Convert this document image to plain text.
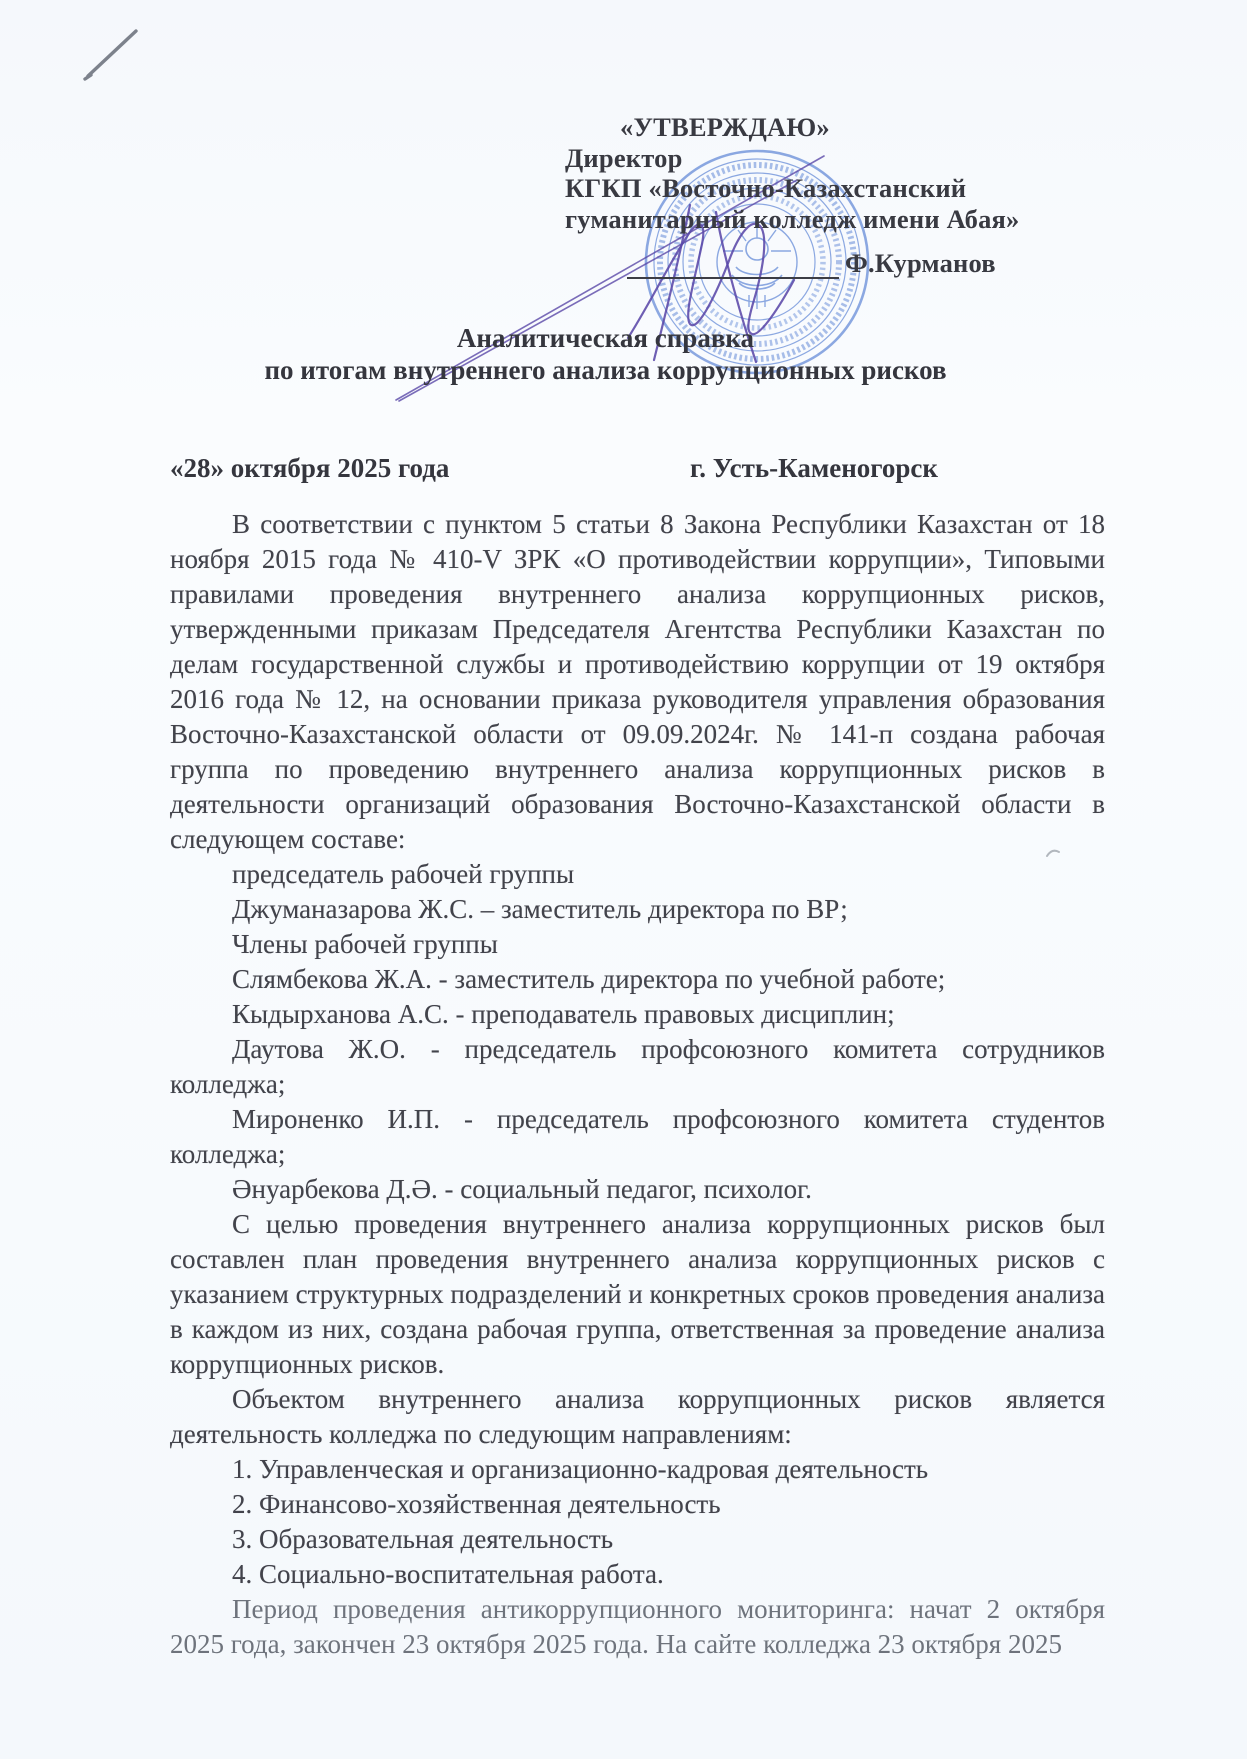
«УТВЕРЖДАЮ»
Директор
КГКП «Восточно-Казахстанский
гуманитарный колледж имени Абая»
Ф.Курманов
Аналитическая справка
по итогам внутреннего анализа коррупционных рисков
«28» октября 2025 года	г. Усть-Каменогорск

В соответствии с пунктом 5 статьи 8 Закона Республики Казахстан от 18 ноября 2015 года № 410-V ЗРК «О противодействии коррупции», Типовыми правилами проведения внутреннего анализа коррупционных рисков, утвержденными приказам Председателя Агентства Республики Казахстан по делам государственной службы и противодействию коррупции от 19 октября 2016 года № 12, на основании приказа руководителя управления образования Восточно-Казахстанской области от 09.09.2024г. № 141-п создана рабочая группа по проведению внутреннего анализа коррупционных рисков в деятельности организаций образования Восточно-Казахстанской области в следующем составе:

председатель рабочей группы

Джуманазарова Ж.С. – заместитель директора по ВР;

Члены рабочей группы

Слямбекова Ж.А. - заместитель директора по учебной работе;

Кыдырханова А.С. - преподаватель правовых дисциплин;

Даутова Ж.О. - председатель профсоюзного комитета сотрудников колледжа;

Мироненко И.П. - председатель профсоюзного комитета студентов колледжа;

Әнуарбекова Д.Ә. - социальный педагог, психолог.

С целью проведения внутреннего анализа коррупционных рисков был составлен план проведения внутреннего анализа коррупционных рисков с указанием структурных подразделений и конкретных сроков проведения анализа в каждом из них, создана рабочая группа, ответственная за проведение анализа коррупционных рисков.

Объектом внутреннего анализа коррупционных рисков является деятельность колледжа по следующим направлениям:

1. Управленческая и организационно-кадровая деятельность

2. Финансово-хозяйственная деятельность

3. Образовательная деятельность

4. Социально-воспитательная работа.

Период проведения антикоррупционного мониторинга: начат 2 октября 2025 года, закончен 23 октября 2025 года. На сайте колледжа 23 октября 2025
